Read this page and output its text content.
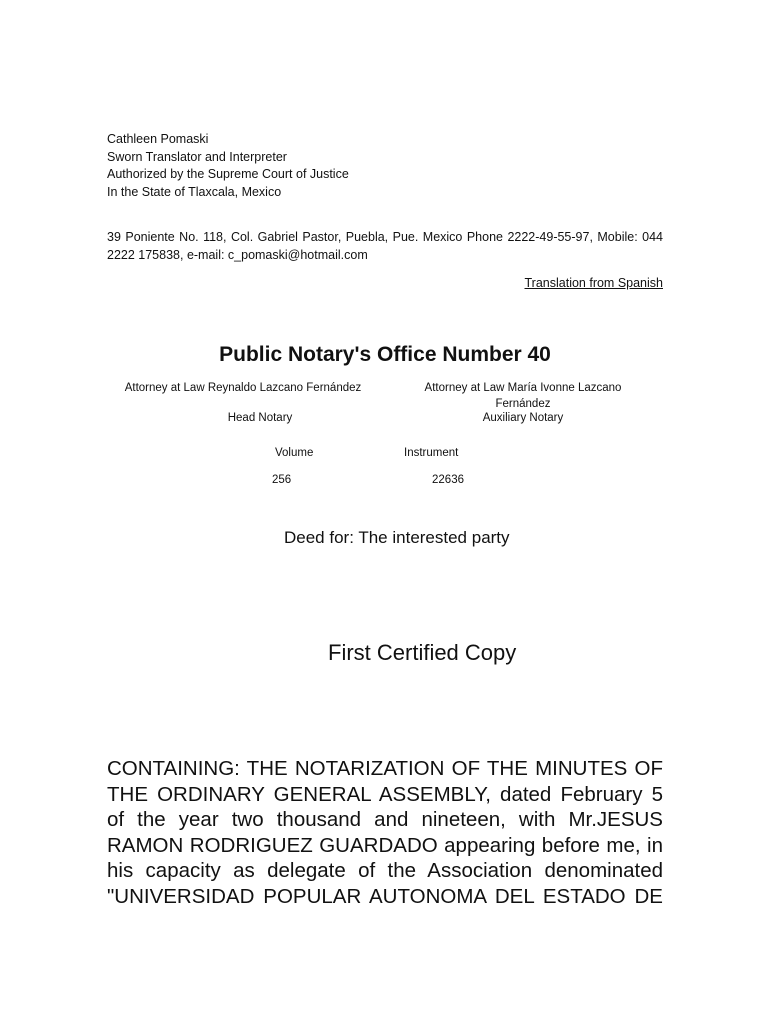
Cathleen Pomaski
Sworn Translator and Interpreter
Authorized by the Supreme Court of Justice
In the State of Tlaxcala, Mexico
39 Poniente No. 118, Col. Gabriel Pastor, Puebla, Pue. Mexico Phone 2222-49-55-97, Mobile: 044 2222 175838, e-mail: c_pomaski@hotmail.com
Translation from Spanish
Public Notary's Office Number 40
Attorney at Law Reynaldo Lazcano Fernández	Attorney at Law María Ivonne Lazcano Fernández
Head Notary	Auxiliary Notary
Volume	Instrument
256	22636
Deed for: The interested party
First Certified Copy
CONTAINING: THE NOTARIZATION OF THE MINUTES OF THE ORDINARY GENERAL ASSEMBLY, dated February 5 of the year two thousand and nineteen, with Mr.JESUS RAMON RODRIGUEZ GUARDADO appearing before me, in his capacity as delegate of the Association denominated "UNIVERSIDAD POPULAR AUTONOMA DEL ESTADO DE
